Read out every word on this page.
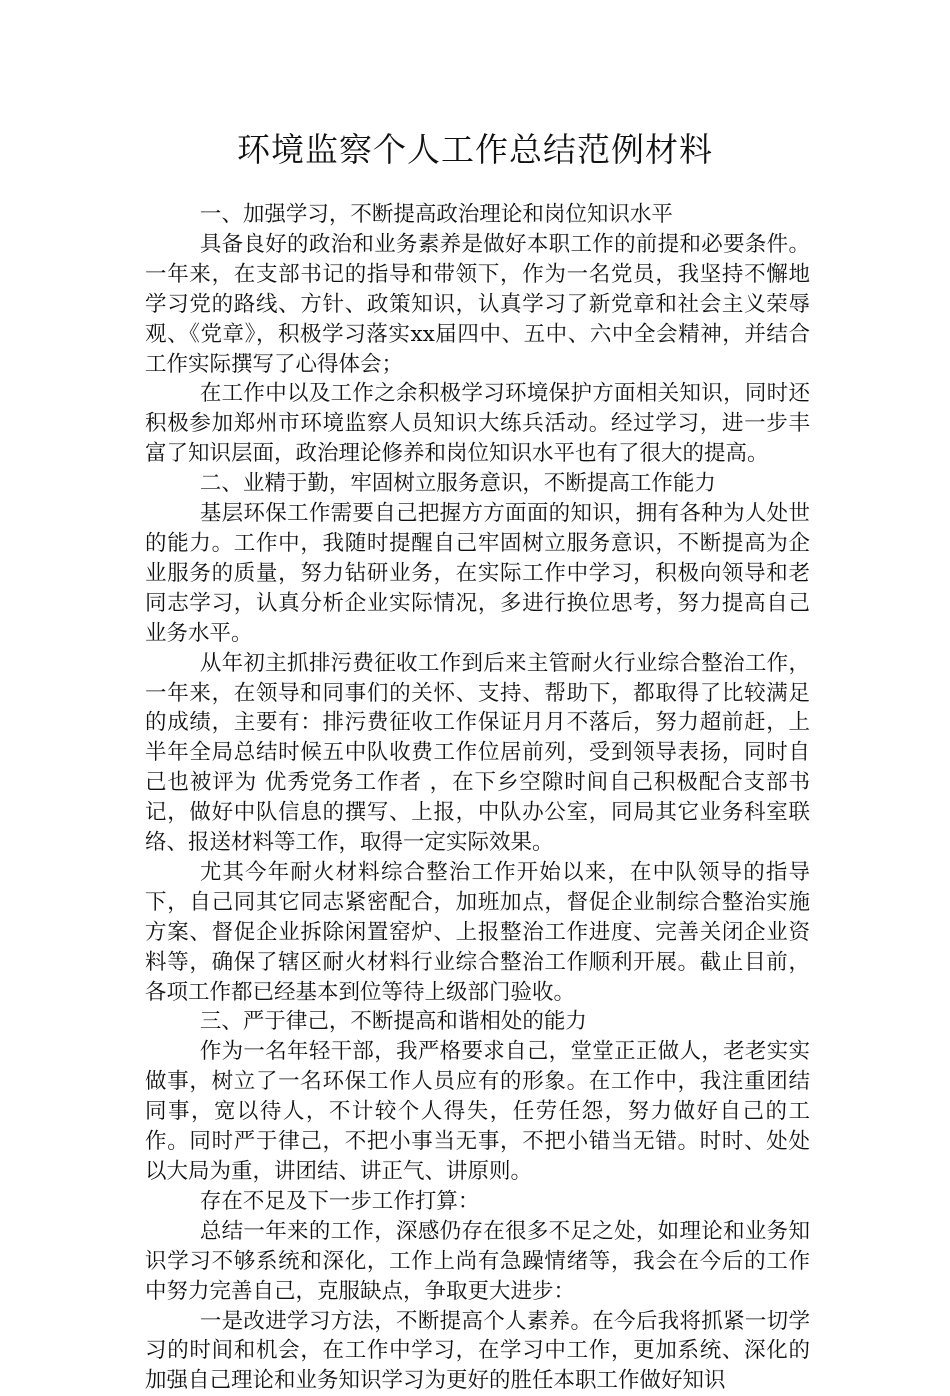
环境监察个人工作总结范例材料

一、加强学习，不断提高政治理论和岗位知识水平

具备良好的政治和业务素养是做好本职工作的前提和必要条件。一年来，在支部书记的指导和带领下，作为一名党员，我坚持不懈地学习党的路线、方针、政策知识，认真学习了新党章和社会主义荣辱观、《党章》，积极学习落实xx届四中、五中、六中全会精神，并结合工作实际撰写了心得体会；

在工作中以及工作之余积极学习环境保护方面相关知识，同时还积极参加郑州市环境监察人员知识大练兵活动。经过学习，进一步丰富了知识层面，政治理论修养和岗位知识水平也有了很大的提高。

二、业精于勤，牢固树立服务意识，不断提高工作能力

基层环保工作需要自己把握方方面面的知识，拥有各种为人处世的能力。工作中，我随时提醒自己牢固树立服务意识，不断提高为企业服务的质量，努力钻研业务，在实际工作中学习，积极向领导和老同志学习，认真分析企业实际情况，多进行换位思考，努力提高自己业务水平。

从年初主抓排污费征收工作到后来主管耐火行业综合整治工作，一年来，在领导和同事们的关怀、支持、帮助下，都取得了比较满足的成绩，主要有：排污费征收工作保证月月不落后，努力超前赶，上半年全局总结时候五中队收费工作位居前列，受到领导表扬，同时自己也被评为 优秀党务工作者 ，在下乡空隙时间自己积极配合支部书记，做好中队信息的撰写、上报，中队办公室，同局其它业务科室联络、报送材料等工作，取得一定实际效果。

尤其今年耐火材料综合整治工作开始以来，在中队领导的指导下，自己同其它同志紧密配合，加班加点，督促企业制综合整治实施方案、督促企业拆除闲置窑炉、上报整治工作进度、完善关闭企业资料等，确保了辖区耐火材料行业综合整治工作顺利开展。截止目前，各项工作都已经基本到位等待上级部门验收。

三、严于律己，不断提高和谐相处的能力

作为一名年轻干部，我严格要求自己，堂堂正正做人，老老实实做事，树立了一名环保工作人员应有的形象。在工作中，我注重团结同事，宽以待人，不计较个人得失，任劳任怨，努力做好自己的工作。同时严于律己，不把小事当无事，不把小错当无错。时时、处处以大局为重，讲团结、讲正气、讲原则。

存在不足及下一步工作打算：

总结一年来的工作，深感仍存在很多不足之处，如理论和业务知识学习不够系统和深化，工作上尚有急躁情绪等，我会在今后的工作中努力完善自己，克服缺点，争取更大进步：

一是改进学习方法，不断提高个人素养。在今后我将抓紧一切学习的时间和机会，在工作中学习，在学习中工作，更加系统、深化的加强自己理论和业务知识学习为更好的胜任本职工作做好知识
